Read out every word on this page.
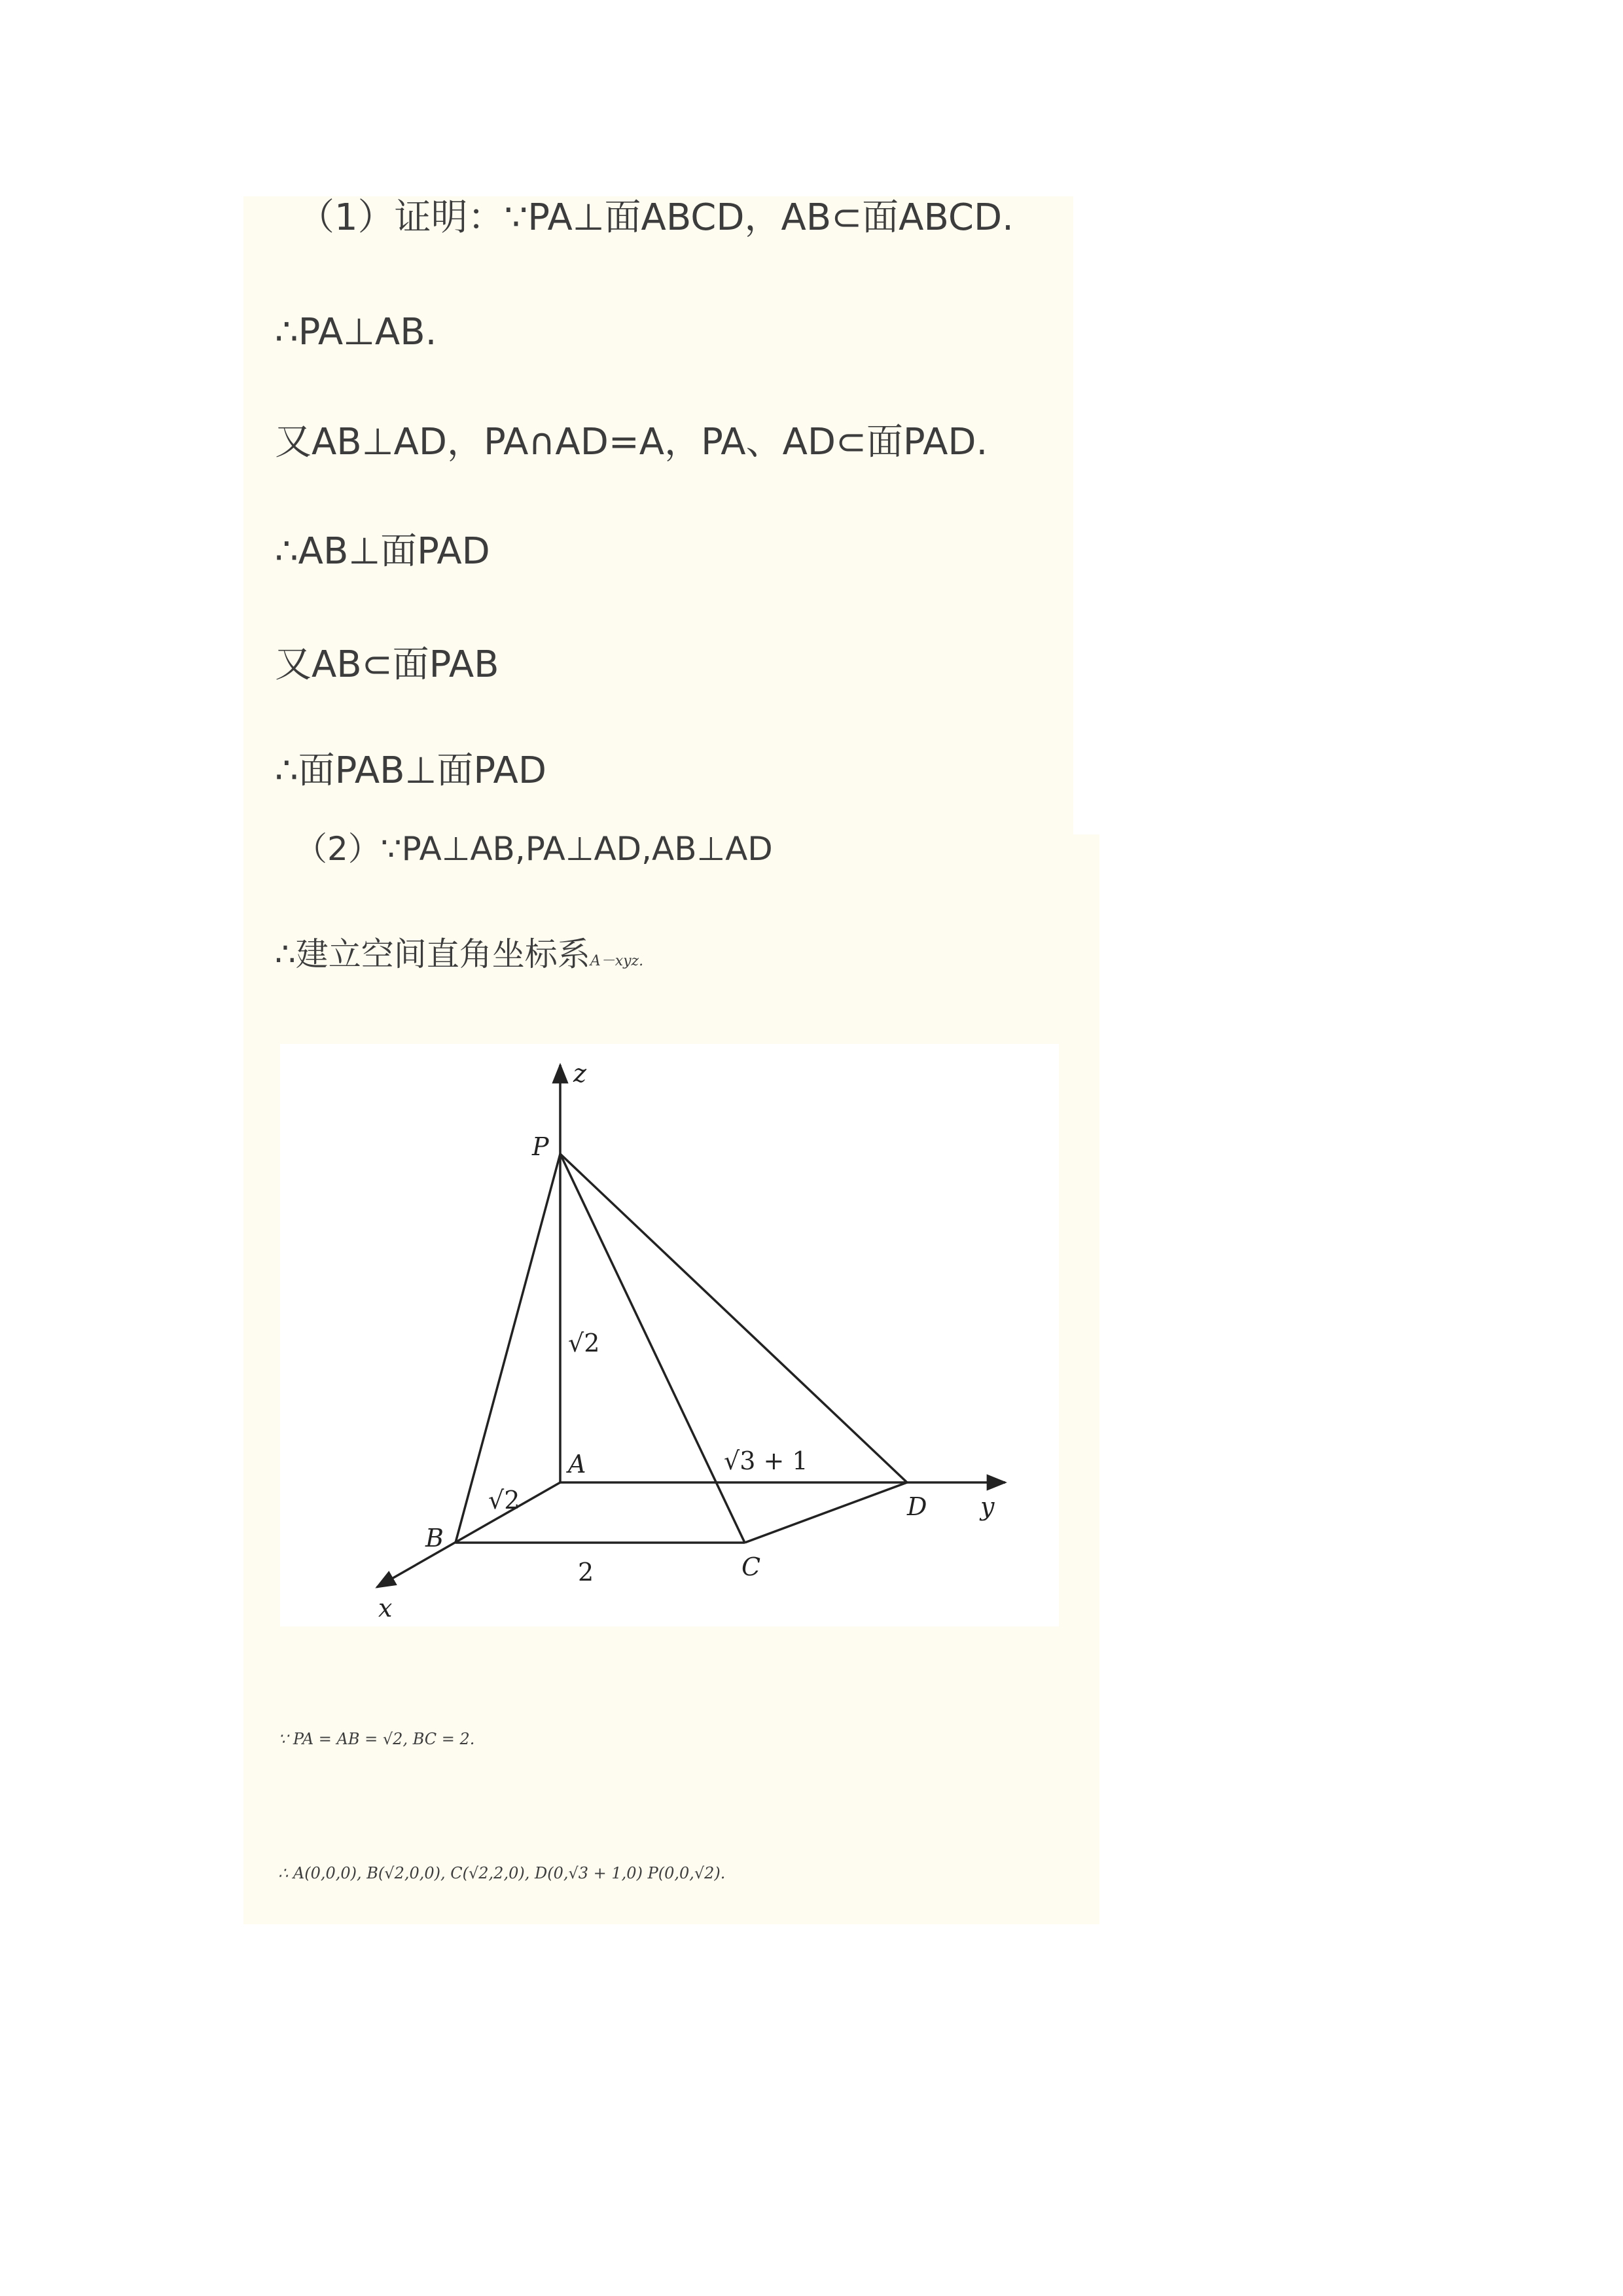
（1）证明：∵PA⊥面ABCD，AB⊂面ABCD.
∴PA⊥AB.
又AB⊥AD，PA∩AD=A，PA、AD⊂面PAD.
∴AB⊥面PAD
又AB⊂面PAB
∴面PAB⊥面PAD
（2）∵PA⊥AB,PA⊥AD,AB⊥AD
∴建立空间直角坐标系A－xyz.
z
P
A
B
C
D y
x
√2
√2
2
√3 + 1
∵ PA = AB = √2, BC = 2.
∴ A(0,0,0), B(√2,0,0), C(√2,2,0), D(0,√3 + 1,0) P(0,0,√2).
